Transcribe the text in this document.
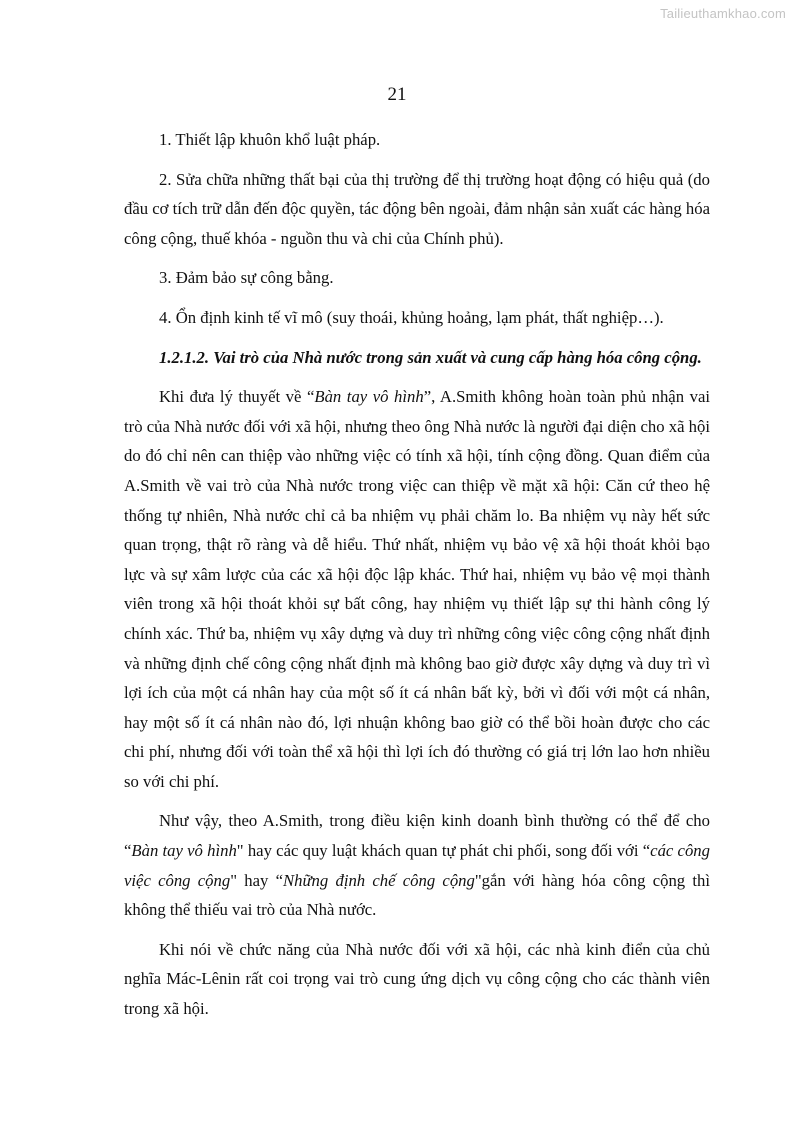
Tailieuthamkhao.com
21

1. Thiết lập khuôn khổ luật pháp.

2. Sửa chữa những thất bại của thị trường để thị trường hoạt động có hiệu quả (do đầu cơ tích trữ dẫn đến độc quyền, tác động bên ngoài, đảm nhận sản xuất các hàng hóa công cộng, thuế khóa - nguồn thu và chi của Chính phủ).

3. Đảm bảo sự công bằng.

4. Ổn định kinh tế vĩ mô (suy thoái, khủng hoảng, lạm phát, thất nghiệp…).

1.2.1.2. Vai trò của Nhà nước trong sản xuất và cung cấp hàng hóa công cộng.

Khi đưa lý thuyết về “Bàn tay vô hình”, A.Smith không hoàn toàn phủ nhận vai trò của Nhà nước đối với xã hội, nhưng theo ông Nhà nước là người đại diện cho xã hội do đó chỉ nên can thiệp vào những việc có tính xã hội, tính cộng đồng. Quan điểm của A.Smith về vai trò của Nhà nước trong việc can thiệp về mặt xã hội: Căn cứ theo hệ thống tự nhiên, Nhà nước chỉ cả ba nhiệm vụ phải chăm lo. Ba nhiệm vụ này hết sức quan trọng, thật rõ ràng và dễ hiểu. Thứ nhất, nhiệm vụ bảo vệ xã hội thoát khỏi bạo lực và sự xâm lược của các xã hội độc lập khác. Thứ hai, nhiệm vụ bảo vệ mọi thành viên trong xã hội thoát khỏi sự bất công, hay nhiệm vụ thiết lập sự thi hành công lý chính xác. Thứ ba, nhiệm vụ xây dựng và duy trì những công việc công cộng nhất định và những định chế công cộng nhất định mà không bao giờ được xây dựng và duy trì vì lợi ích của một cá nhân hay của một số ít cá nhân bất kỳ, bởi vì đối với một cá nhân, hay một số ít cá nhân nào đó, lợi nhuận không bao giờ có thể bồi hoàn được cho các chi phí, nhưng đối với toàn thể xã hội thì lợi ích đó thường có giá trị lớn lao hơn nhiều so với chi phí.

Như vậy, theo A.Smith, trong điều kiện kinh doanh bình thường có thể để cho “Bàn tay vô hình" hay các quy luật khách quan tự phát chi phối, song đối với “các công việc công cộng" hay “Những định chế công cộng"gắn với hàng hóa công cộng thì không thể thiếu vai trò của Nhà nước.

Khi nói về chức năng của Nhà nước đối với xã hội, các nhà kinh điển của chủ nghĩa Mác-Lênin rất coi trọng vai trò cung ứng dịch vụ công cộng cho các thành viên trong xã hội.
